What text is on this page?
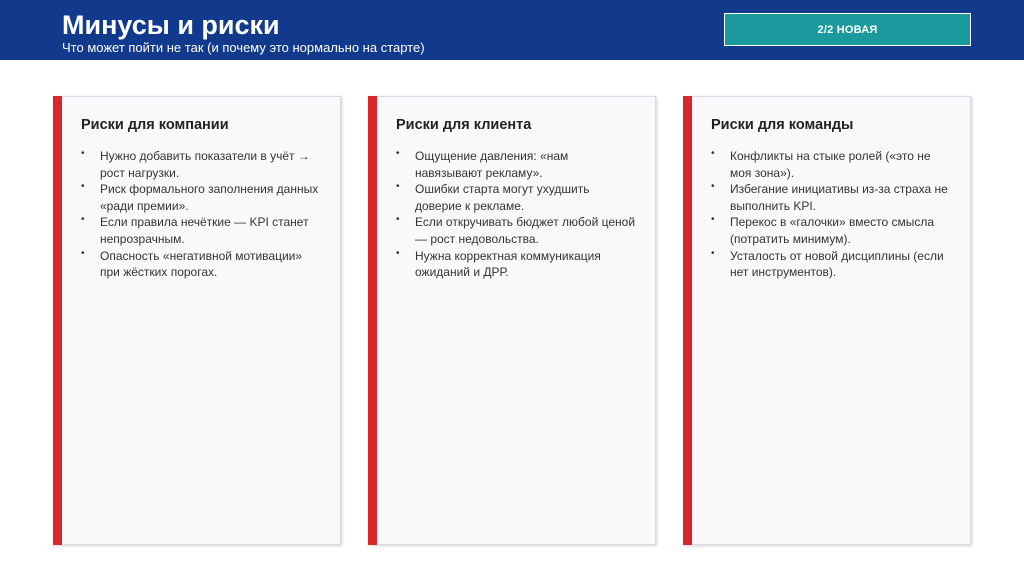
Минусы и риски
Что может пойти не так (и почему это нормально на старте)
2/2 НОВАЯ
Риски для компании
• Нужно добавить показатели в учёт → рост нагрузки.
• Риск формального заполнения данных «ради премии».
• Если правила нечёткие — KPI станет непрозрачным.
• Опасность «негативной мотивации» при жёстких порогах.
Риски для клиента
• Ощущение давления: «нам навязывают рекламу».
• Ошибки старта могут ухудшить доверие к рекламе.
• Если откручивать бюджет любой ценой — рост недовольства.
• Нужна корректная коммуникация ожиданий и ДРР.
Риски для команды
• Конфликты на стыке ролей («это не моя зона»).
• Избегание инициативы из-за страха не выполнить KPI.
• Перекос в «галочки» вместо смысла (потратить минимум).
• Усталость от новой дисциплины (если нет инструментов).
